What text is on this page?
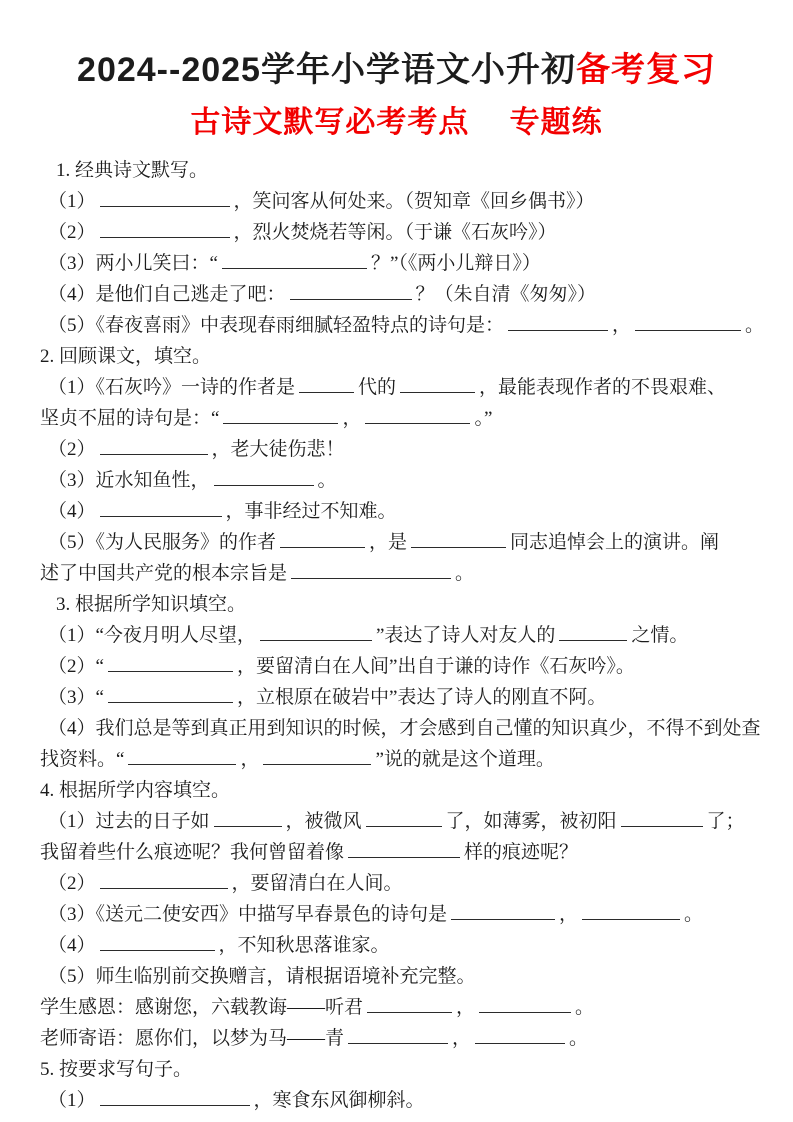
2024--2025学年小学语文小升初备考复习
古诗文默写必考考点　 专题练
1. 经典诗文默写。
（1）	，笑问客从何处来。（贺知章《回乡偶书》）
（2）	，烈火焚烧若等闲。（于谦《石灰吟》）
（3）两小儿笑曰：“	？”（《两小儿辩日》）
（4）是他们自己逃走了吧：	？（朱自清《匆匆》）
（5）《春夜喜雨》中表现春雨细腻轻盈特点的诗句是：	，	。
2. 回顾课文，填空。
（1）《石灰吟》一诗的作者是	代的	，最能表现作者的不畏艰难、
坚贞不屈的诗句是：“	，	。”
（2）	，老大徒伤悲！
（3）近水知鱼性，	。
（4）	，事非经过不知难。
（5）《为人民服务》的作者	，是	同志追悼会上的演讲。阐
述了中国共产党的根本宗旨是	。
3. 根据所学知识填空。
（1）“今夜月明人尽望，	”表达了诗人对友人的	之情。
（2）“	，要留清白在人间”出自于谦的诗作《石灰吟》。
（3）“	，立根原在破岩中”表达了诗人的刚直不阿。
（4）我们总是等到真正用到知识的时候，才会感到自己懂的知识真少，不得不到处查
找资料。“	，	”说的就是这个道理。
4. 根据所学内容填空。
（1）过去的日子如	，被微风	了，如薄雾，被初阳	了；
我留着些什么痕迹呢？我何曾留着像	样的痕迹呢？
（2）	，要留清白在人间。
（3）《送元二使安西》中描写早春景色的诗句是	，	。
（4）	，不知秋思落谁家。
（5）师生临别前交换赠言，请根据语境补充完整。
学生感恩：感谢您，六载教诲——听君	，	。
老师寄语：愿你们，以梦为马——青	，	。
5. 按要求写句子。
（1）	，寒食东风御柳斜。
